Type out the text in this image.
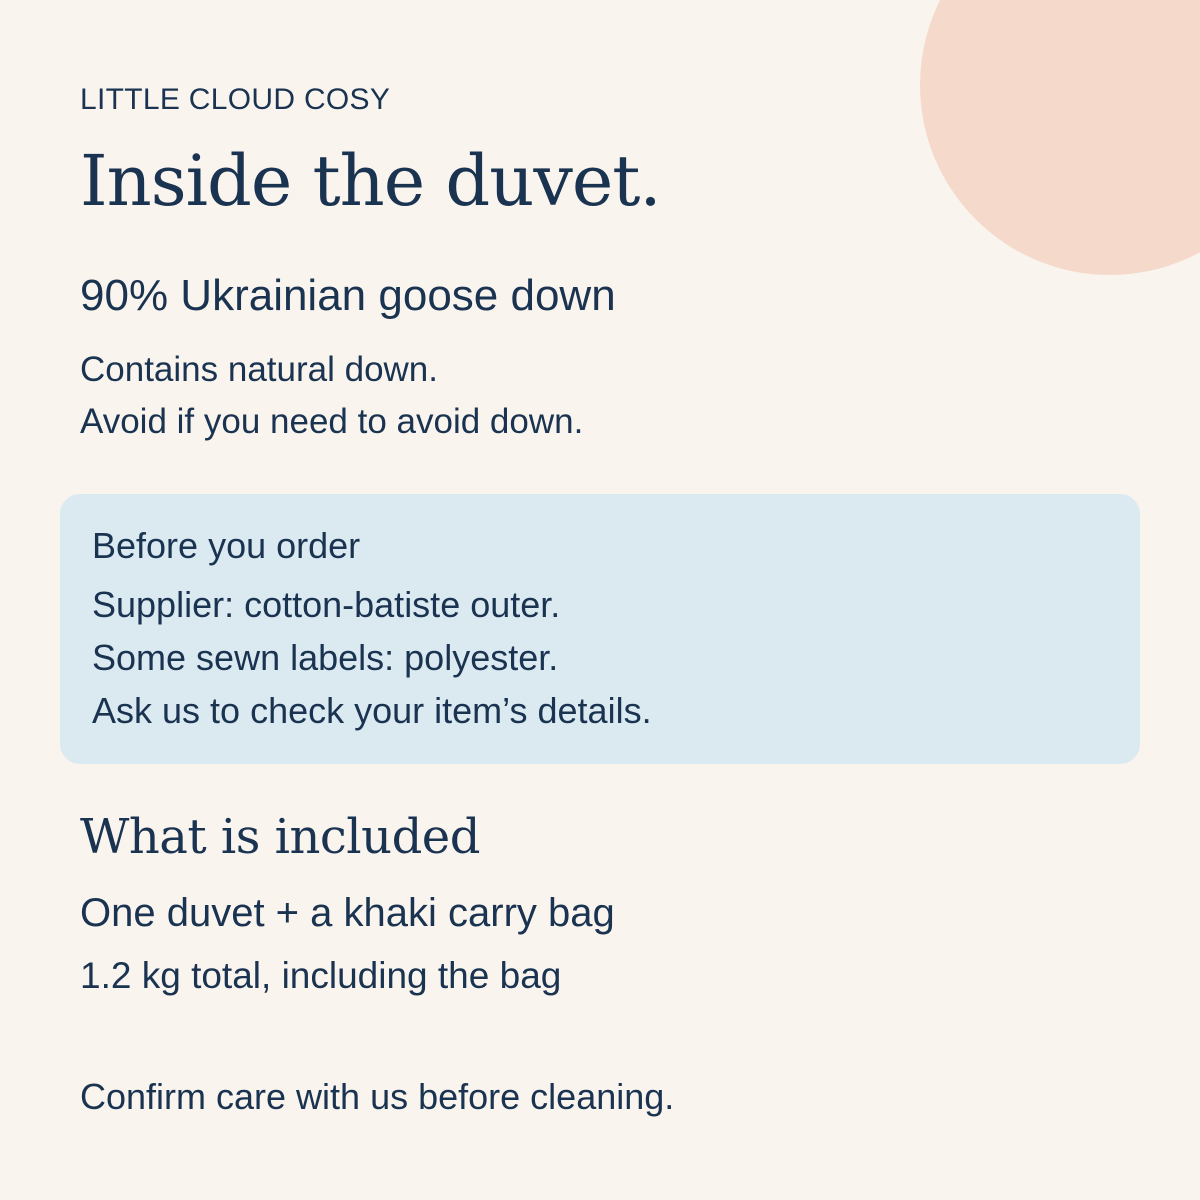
LITTLE CLOUD COSY

Inside the duvet.

90% Ukrainian goose down

Contains natural down.

Avoid if you need to avoid down.

Before you order

Supplier: cotton-batiste outer.

Some sewn labels: polyester.

Ask us to check your item’s details.

What is included

One duvet + a khaki carry bag

1.2 kg total, including the bag

Confirm care with us before cleaning.
